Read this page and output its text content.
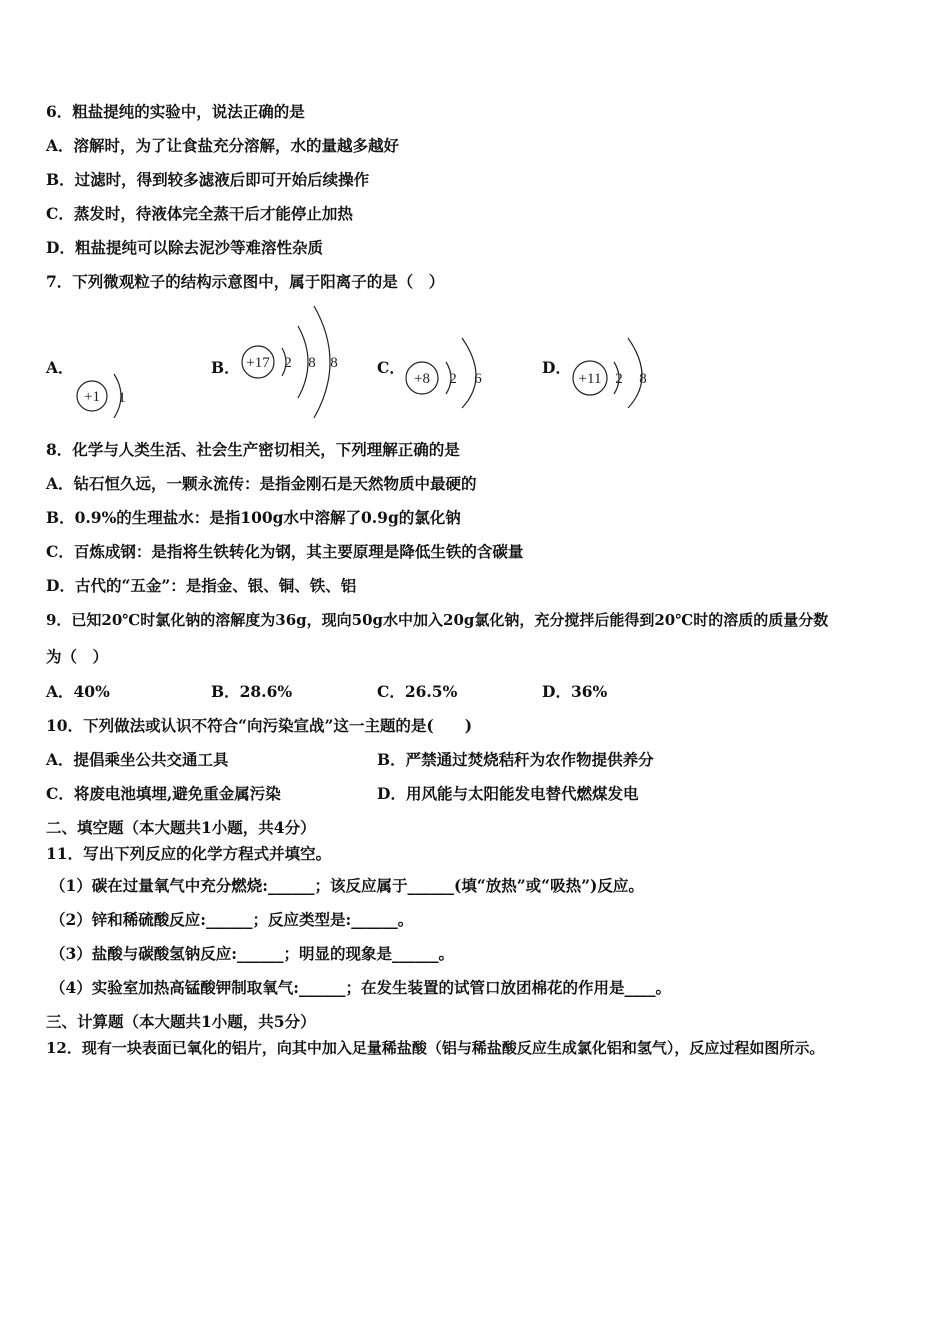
6．粗盐提纯的实验中，说法正确的是
A．溶解时，为了让食盐充分溶解，水的量越多越好
B．过滤时，得到较多滤液后即可开始后续操作
C．蒸发时，待液体完全蒸干后才能停止加热
D．粗盐提纯可以除去泥沙等难溶性杂质
7．下列微观粒子的结构示意图中，属于阳离子的是（　）
A．
+1 1
B． +17 2 8 8	C．
+8 2 6
D．
+11 2 8
8．化学与人类生活、社会生产密切相关，下列理解正确的是
A．钻石恒久远，一颗永流传：是指金刚石是天然物质中最硬的
B．0.9%的生理盐水：是指100g水中溶解了0.9g的氯化钠
C．百炼成钢：是指将生铁转化为钢，其主要原理是降低生铁的含碳量
D．古代的“五金”：是指金、银、铜、铁、铝
9．已知20℃时氯化钠的溶解度为36g，现向50g水中加入20g氯化钠，充分搅拌后能得到20℃时的溶质的质量分数
为（　）
A．40%	B．28.6%	C．26.5%	D．36%
10．下列做法或认识不符合“向污染宣战”这一主题的是(　　)
A．提倡乘坐公共交通工具	B．严禁通过焚烧秸秆为农作物提供养分
C．将废电池填埋,避免重金属污染	D．用风能与太阳能发电替代燃煤发电
二、填空题（本大题共1小题，共4分）
11．写出下列反应的化学方程式并填空。
（1）碳在过量氧气中充分燃烧:______；该反应属于______(填“放热”或“吸热”)反应。
（2）锌和稀硫酸反应:______；反应类型是:______。
（3）盐酸与碳酸氢钠反应:______；明显的现象是______。
（4）实验室加热高锰酸钾制取氧气:______；在发生装置的试管口放团棉花的作用是____。
三、计算题（本大题共1小题，共5分）
12．现有一块表面已氧化的铝片，向其中加入足量稀盐酸（铝与稀盐酸反应生成氯化铝和氢气），反应过程如图所示。
